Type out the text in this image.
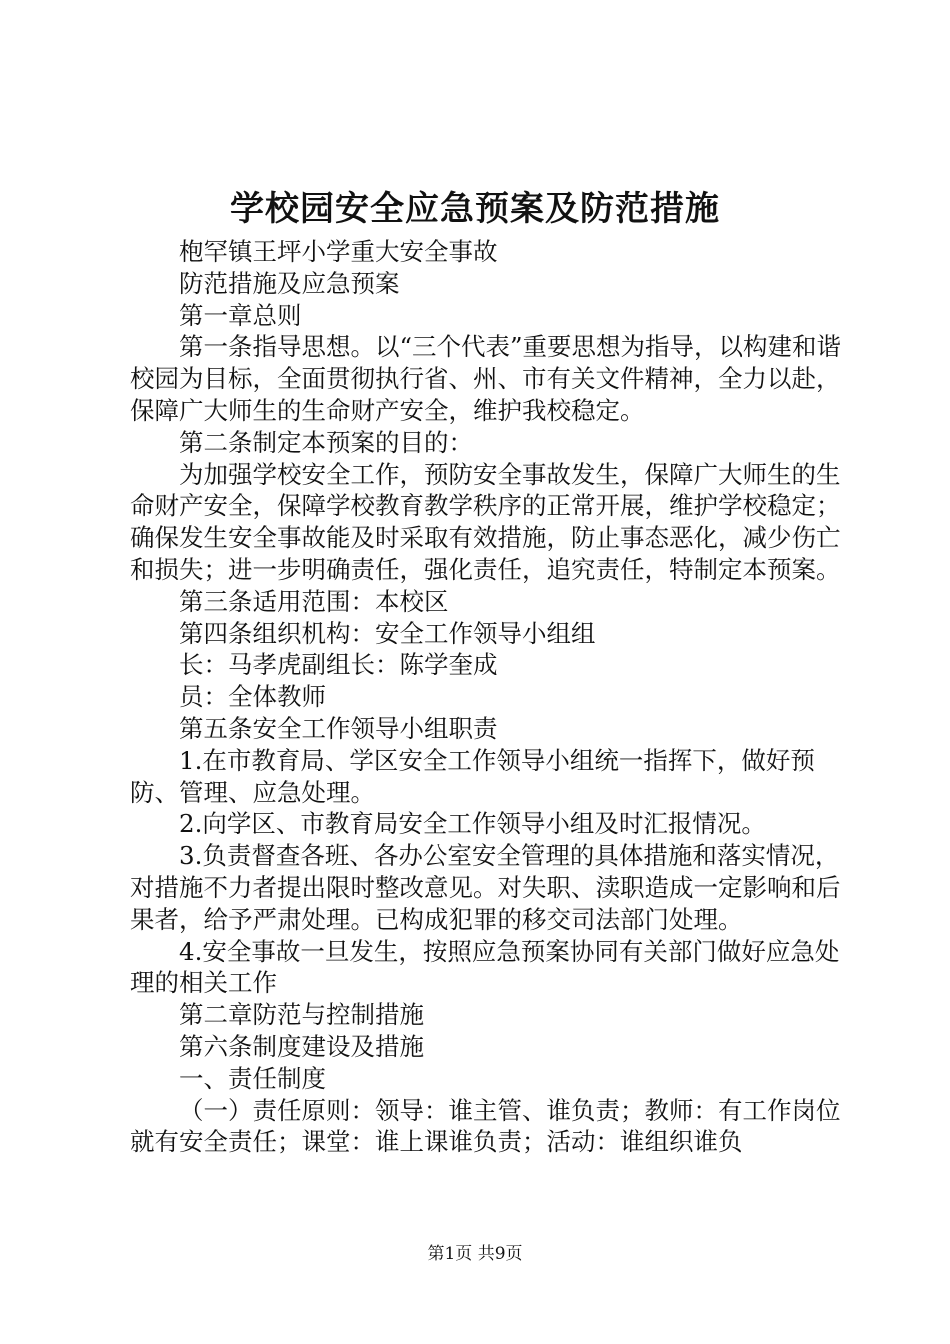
学校园安全应急预案及防范措施

枹罕镇王坪小学重大安全事故

防范措施及应急预案

第一章总则

第一条指导思想。以“三个代表”重要思想为指导，以构建和谐校园为目标，全面贯彻执行省、州、市有关文件精神，全力以赴，保障广大师生的生命财产安全，维护我校稳定。

第二条制定本预案的目的：

为加强学校安全工作，预防安全事故发生，保障广大师生的生命财产安全，保障学校教育教学秩序的正常开展，维护学校稳定；确保发生安全事故能及时采取有效措施，防止事态恶化，减少伤亡和损失；进一步明确责任，强化责任，追究责任，特制定本预案。

第三条适用范围：本校区

第四条组织机构：安全工作领导小组组

长：马孝虎副组长：陈学奎成

员：全体教师

第五条安全工作领导小组职责

1.在市教育局、学区安全工作领导小组统一指挥下，做好预防、管理、应急处理。

2.向学区、市教育局安全工作领导小组及时汇报情况。

3.负责督查各班、各办公室安全管理的具体措施和落实情况，对措施不力者提出限时整改意见。对失职、渎职造成一定影响和后果者，给予严肃处理。已构成犯罪的移交司法部门处理。

4.安全事故一旦发生，按照应急预案协同有关部门做好应急处理的相关工作

第二章防范与控制措施

第六条制度建设及措施

一、责任制度

（一）责任原则：领导：谁主管、谁负责；教师：有工作岗位就有安全责任；课堂：谁上课谁负责；活动：谁组织谁负

第1页 共9页
